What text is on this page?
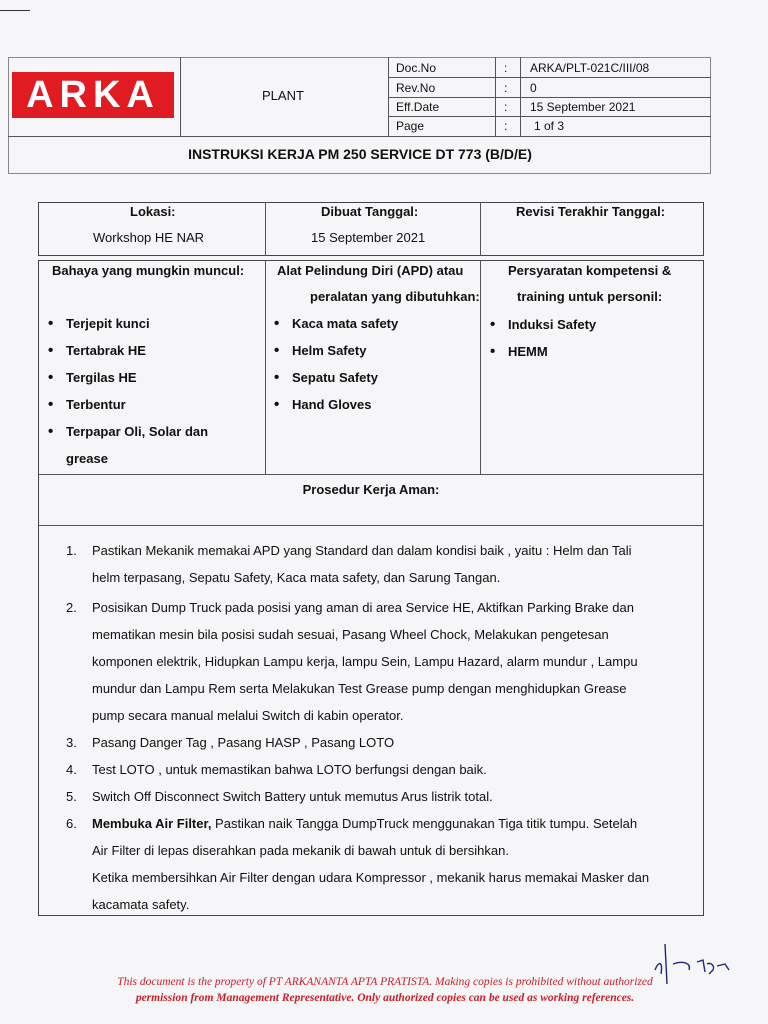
ARKA	PLANT
Doc.No	: ARKA/PLT-021C/III/08
Rev.No	: 0
Eff.Date	: 15 September 2021
Page	: 1 of 3
INSTRUKSI KERJA PM 250 SERVICE DT 773 (B/D/E)
Lokasi:
Workshop HE NAR
Dibuat Tanggal:
15 September 2021
Revisi Terakhir Tanggal:
Bahaya yang mungkin muncul:
• Terjepit kunci
• Tertabrak HE
• Tergilas HE
• Terbentur
• Terpapar Oli, Solar dan grease
Alat Pelindung Diri (APD) atau
peralatan yang dibutuhkan:
• Kaca mata safety
• Helm Safety
• Sepatu Safety
• Hand Gloves
Persyaratan kompetensi &
training untuk personil:
• Induksi Safety
• HEMM
Prosedur Kerja Aman:
1. Pastikan Mekanik memakai APD yang Standard dan dalam kondisi baik , yaitu : Helm dan Tali
helm terpasang, Sepatu Safety, Kaca mata safety, dan Sarung Tangan.
2. Posisikan Dump Truck pada posisi yang aman di area Service HE, Aktifkan Parking Brake dan
mematikan mesin bila posisi sudah sesuai, Pasang Wheel Chock, Melakukan pengetesan
komponen elektrik, Hidupkan Lampu kerja, lampu Sein, Lampu Hazard, alarm mundur , Lampu
mundur dan Lampu Rem serta Melakukan Test Grease pump dengan menghidupkan Grease
pump secara manual melalui Switch di kabin operator.
3. Pasang Danger Tag , Pasang HASP , Pasang LOTO
4. Test LOTO , untuk memastikan bahwa LOTO berfungsi dengan baik.
5. Switch Off Disconnect Switch Battery untuk memutus Arus listrik total.
6. Membuka Air Filter, Pastikan naik Tangga DumpTruck menggunakan Tiga titik tumpu. Setelah
Air Filter di lepas diserahkan pada mekanik di bawah untuk di bersihkan.
Ketika membersihkan Air Filter dengan udara Kompressor , mekanik harus memakai Masker dan
kacamata safety.
This document is the property of PT ARKANANTA APTA PRATISTA. Making copies is prohibited without authorized
permission from Management Representative. Only authorized copies can be used as working references.
